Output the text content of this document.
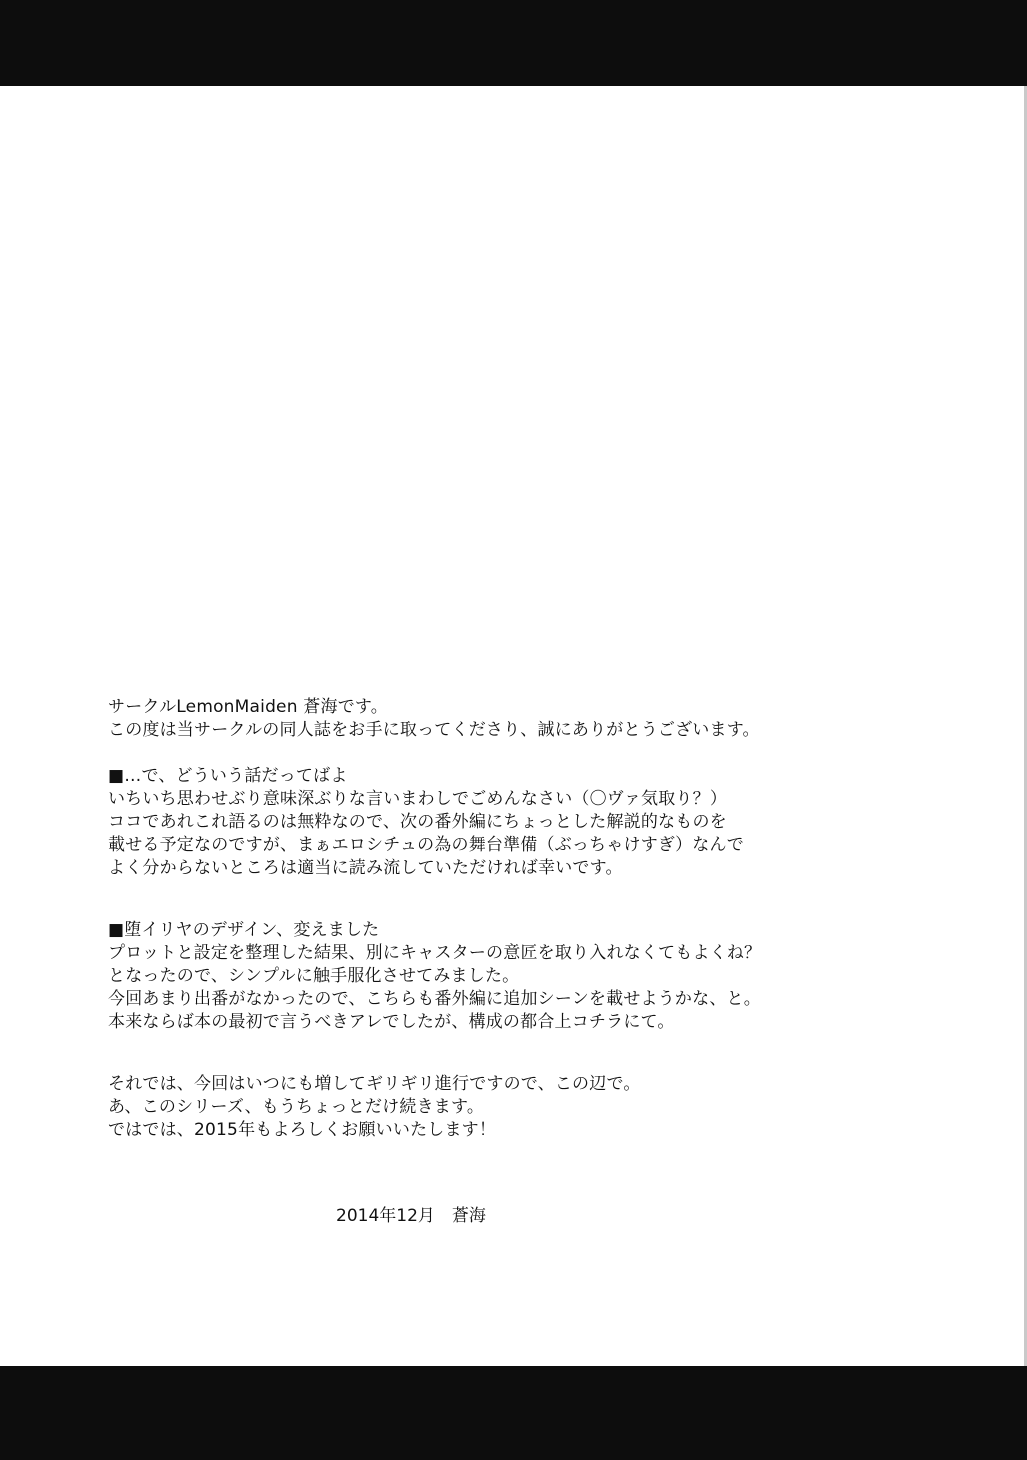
サークルLemonMaiden 蒼海です。
この度は当サークルの同人誌をお手に取ってくださり、誠にありがとうございます。
■…で、どういう話だってばよ
いちいち思わせぶり意味深ぶりな言いまわしでごめんなさい（〇ヴァ気取り？）
ココであれこれ語るのは無粋なので、次の番外編にちょっとした解説的なものを
載せる予定なのですが、まぁエロシチュの為の舞台準備（ぶっちゃけすぎ）なんで
よく分からないところは適当に読み流していただければ幸いです。
■堕イリヤのデザイン、変えました
プロットと設定を整理した結果、別にキャスターの意匠を取り入れなくてもよくね？
となったので、シンプルに触手服化させてみました。
今回あまり出番がなかったので、こちらも番外編に追加シーンを載せようかな、と。
本来ならば本の最初で言うべきアレでしたが、構成の都合上コチラにて。
それでは、今回はいつにも増してギリギリ進行ですので、この辺で。
あ、このシリーズ、もうちょっとだけ続きます。
ではでは、2015年もよろしくお願いいたします！
2014年12月　蒼海
